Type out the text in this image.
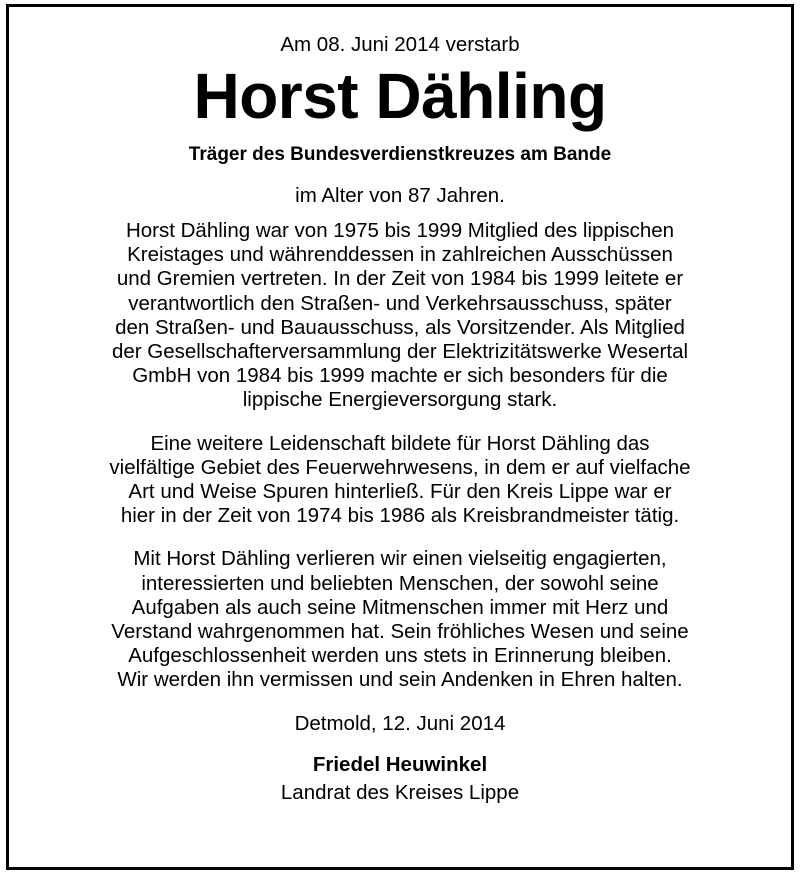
Am 08. Juni 2014 verstarb
Horst Dähling
Träger des Bundesverdienstkreuzes am Bande
im Alter von 87 Jahren.
Horst Dähling war von 1975 bis 1999 Mitglied des lippischen
Kreistages und währenddessen in zahlreichen Ausschüssen
und Gremien vertreten. In der Zeit von 1984 bis 1999 leitete er
verantwortlich den Straßen- und Verkehrsausschuss, später
den Straßen- und Bauausschuss, als Vorsitzender. Als Mitglied
der Gesellschafterversammlung der Elektrizitätswerke Wesertal
GmbH von 1984 bis 1999 machte er sich besonders für die
lippische Energieversorgung stark.
Eine weitere Leidenschaft bildete für Horst Dähling das
vielfältige Gebiet des Feuerwehrwesens, in dem er auf vielfache
Art und Weise Spuren hinterließ. Für den Kreis Lippe war er
hier in der Zeit von 1974 bis 1986 als Kreisbrandmeister tätig.
Mit Horst Dähling verlieren wir einen vielseitig engagierten,
interessierten und beliebten Menschen, der sowohl seine
Aufgaben als auch seine Mitmenschen immer mit Herz und
Verstand wahrgenommen hat. Sein fröhliches Wesen und seine
Aufgeschlossenheit werden uns stets in Erinnerung bleiben.
Wir werden ihn vermissen und sein Andenken in Ehren halten.
Detmold, 12. Juni 2014
Friedel Heuwinkel
Landrat des Kreises Lippe
